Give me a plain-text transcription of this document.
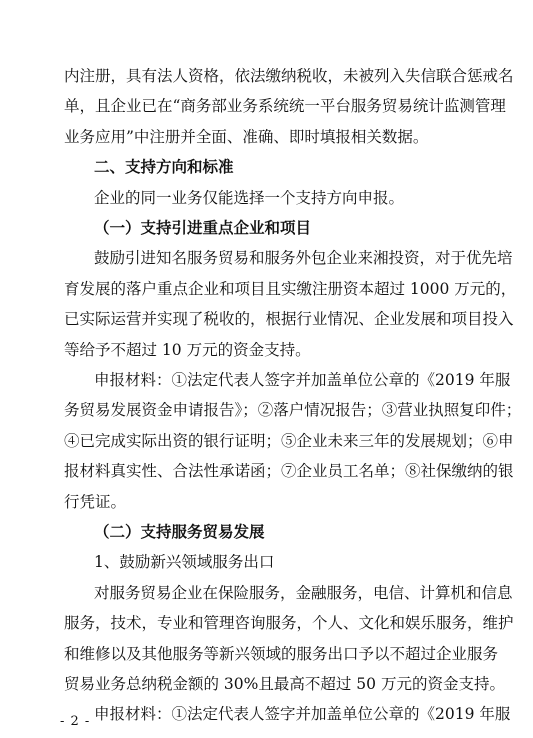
内注册，具有法人资格，依法缴纳税收，未被列入失信联合惩戒名
单，且企业已在“商务部业务系统统一平台服务贸易统计监测管理
业务应用”中注册并全面、准确、即时填报相关数据。
二、支持方向和标准
企业的同一业务仅能选择一个支持方向申报。
（一）支持引进重点企业和项目
鼓励引进知名服务贸易和服务外包企业来湘投资，对于优先培
育发展的落户重点企业和项目且实缴注册资本超过 1000 万元的，
已实际运营并实现了税收的，根据行业情况、企业发展和项目投入
等给予不超过 10 万元的资金支持。
申报材料：①法定代表人签字并加盖单位公章的《2019 年服
务贸易发展资金申请报告》；②落户情况报告；③营业执照复印件；
④已完成实际出资的银行证明；⑤企业未来三年的发展规划；⑥申
报材料真实性、合法性承诺函；⑦企业员工名单；⑧社保缴纳的银
行凭证。
（二）支持服务贸易发展
1、鼓励新兴领域服务出口
对服务贸易企业在保险服务，金融服务，电信、计算机和信息
服务，技术，专业和管理咨询服务，个人、文化和娱乐服务，维护
和维修以及其他服务等新兴领域的服务出口予以不超过企业服务
- 2 -
贸易业务总纳税金额的 30%且最高不超过 50 万元的资金支持。
申报材料：①法定代表人签字并加盖单位公章的《2019 年服
